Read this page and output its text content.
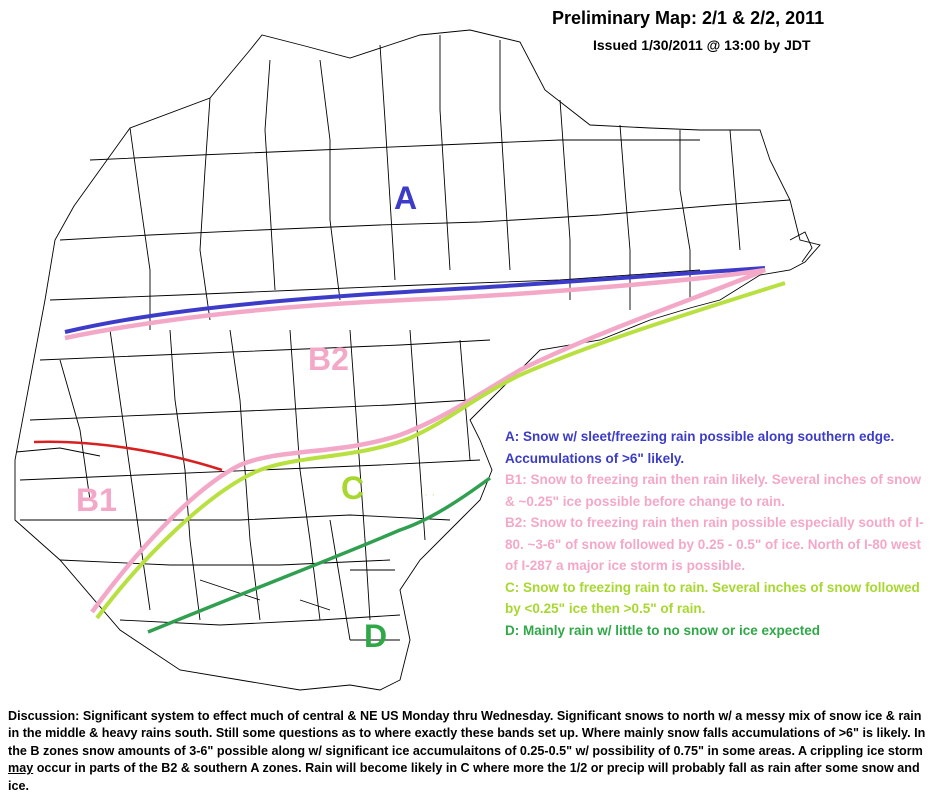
· ·
Preliminary Map: 2/1 & 2/2, 2011
Issued 1/30/2011 @ 13:00 by JDT
A
B2
B1	C
D

A: Snow w/ sleet/freezing rain possible along southern edge. Accumulations of >6" likely.

B1: Snow to freezing rain then rain likely. Several inches of snow & ~0.25" ice possible before change to rain.

B2: Snow to freezing rain then rain possible especially south of I-80. ~3-6" of snow followed by 0.25 - 0.5" of ice. North of I-80 west of I-287 a major ice storm is possible.

C: Snow to freezing rain to rain. Several inches of snow followed by <0.25" ice then >0.5" of rain.

D: Mainly rain w/ little to no snow or ice expected

Discussion: Significant system to effect much of central & NE US Monday thru Wednesday. Significant snows to north w/ a messy mix of snow ice & rain in the middle & heavy rains south. Still some questions as to where exactly these bands set up. Where mainly snow falls accumulations of >6" is likely. In the B zones snow amounts of 3-6" possible along w/ significant ice accumulaitons of 0.25-0.5" w/ possibility of 0.75" in some areas. A crippling ice storm may occur in parts of the B2 & southern A zones. Rain will become likely in C where more the 1/2 or precip will probably fall as rain after some snow and ice.
